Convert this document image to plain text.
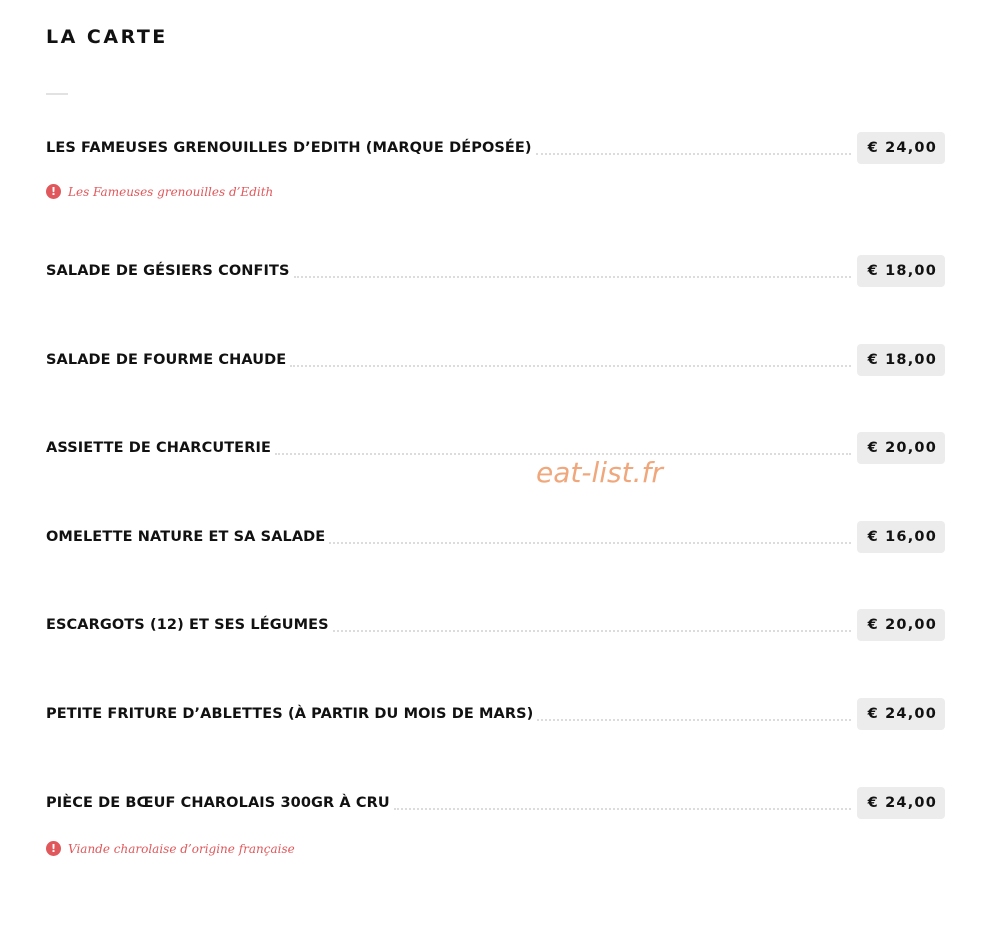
LA CARTE
LES FAMEUSES GRENOUILLES D’EDITH (MARQUE DÉPOSÉE)	€ 24,00
! Les Fameuses grenouilles d’Edith
SALADE DE GÉSIERS CONFITS	€ 18,00
SALADE DE FOURME CHAUDE	€ 18,00
ASSIETTE DE CHARCUTERIE	€ 20,00
eat-list.fr
OMELETTE NATURE ET SA SALADE	€ 16,00
ESCARGOTS (12) ET SES LÉGUMES	€ 20,00
PETITE FRITURE D’ABLETTES (À PARTIR DU MOIS DE MARS)	€ 24,00
PIÈCE DE BŒUF CHAROLAIS 300GR À CRU	€ 24,00
! Viande charolaise d’origine française
